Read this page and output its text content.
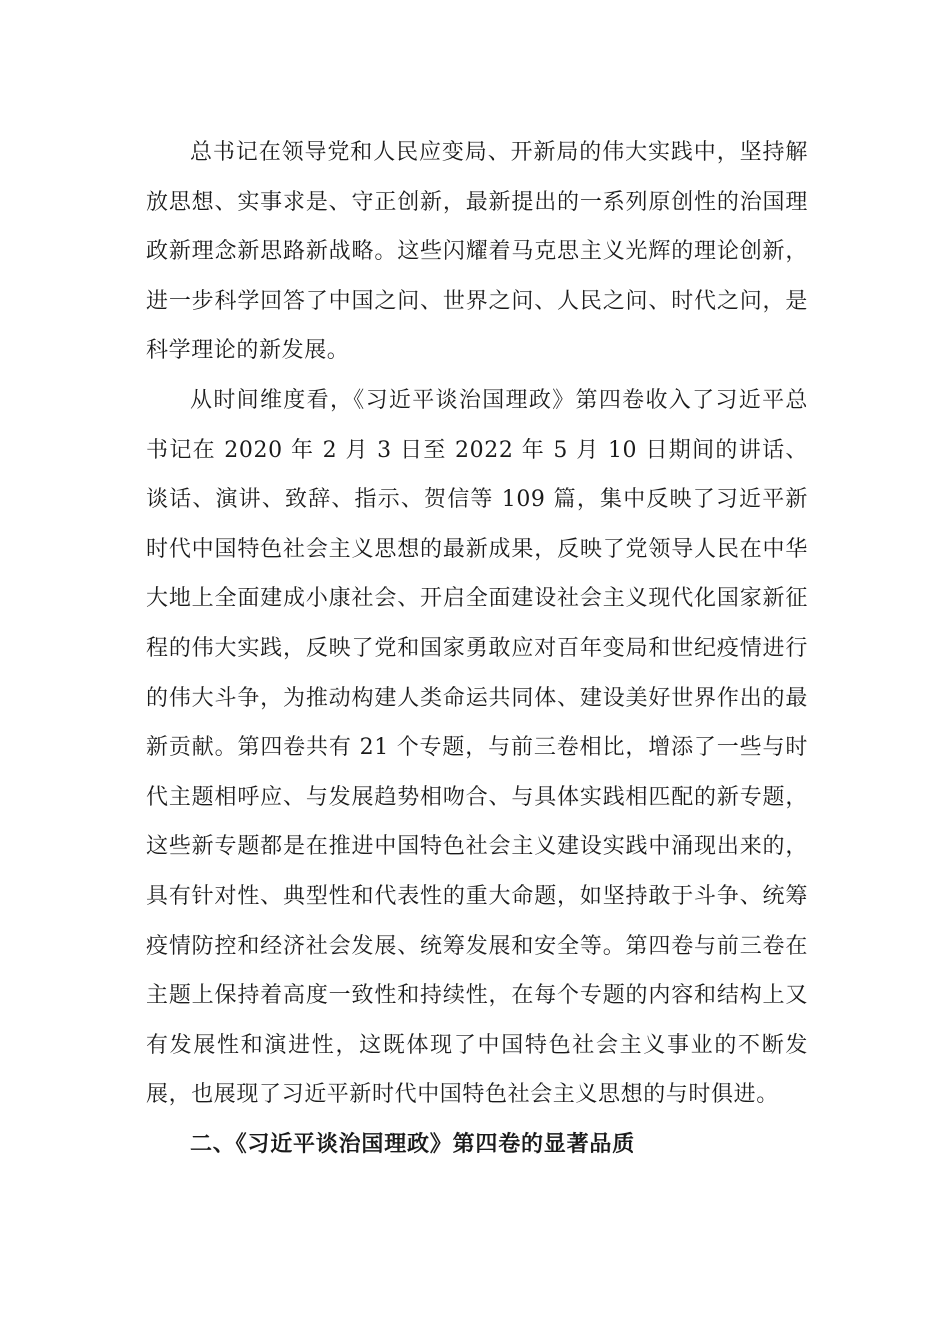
总书记在领导党和人民应变局、开新局的伟大实践中，坚持解放思想、实事求是、守正创新，最新提出的一系列原创性的治国理政新理念新思路新战略。这些闪耀着马克思主义光辉的理论创新，进一步科学回答了中国之问、世界之问、人民之问、时代之问，是科学理论的新发展。

从时间维度看，《习近平谈治国理政》第四卷收入了习近平总书记在 2020 年 2 月 3 日至 2022 年 5 月 10 日期间的讲话、谈话、演讲、致辞、指示、贺信等 109 篇，集中反映了习近平新时代中国特色社会主义思想的最新成果，反映了党领导人民在中华大地上全面建成小康社会、开启全面建设社会主义现代化国家新征程的伟大实践，反映了党和国家勇敢应对百年变局和世纪疫情进行的伟大斗争，为推动构建人类命运共同体、建设美好世界作出的最新贡献。第四卷共有 21 个专题，与前三卷相比，增添了一些与时代主题相呼应、与发展趋势相吻合、与具体实践相匹配的新专题，这些新专题都是在推进中国特色社会主义建设实践中涌现出来的，具有针对性、典型性和代表性的重大命题，如坚持敢于斗争、统筹疫情防控和经济社会发展、统筹发展和安全等。第四卷与前三卷在主题上保持着高度一致性和持续性，在每个专题的内容和结构上又有发展性和演进性，这既体现了中国特色社会主义事业的不断发展，也展现了习近平新时代中国特色社会主义思想的与时俱进。

二、《习近平谈治国理政》第四卷的显著品质
